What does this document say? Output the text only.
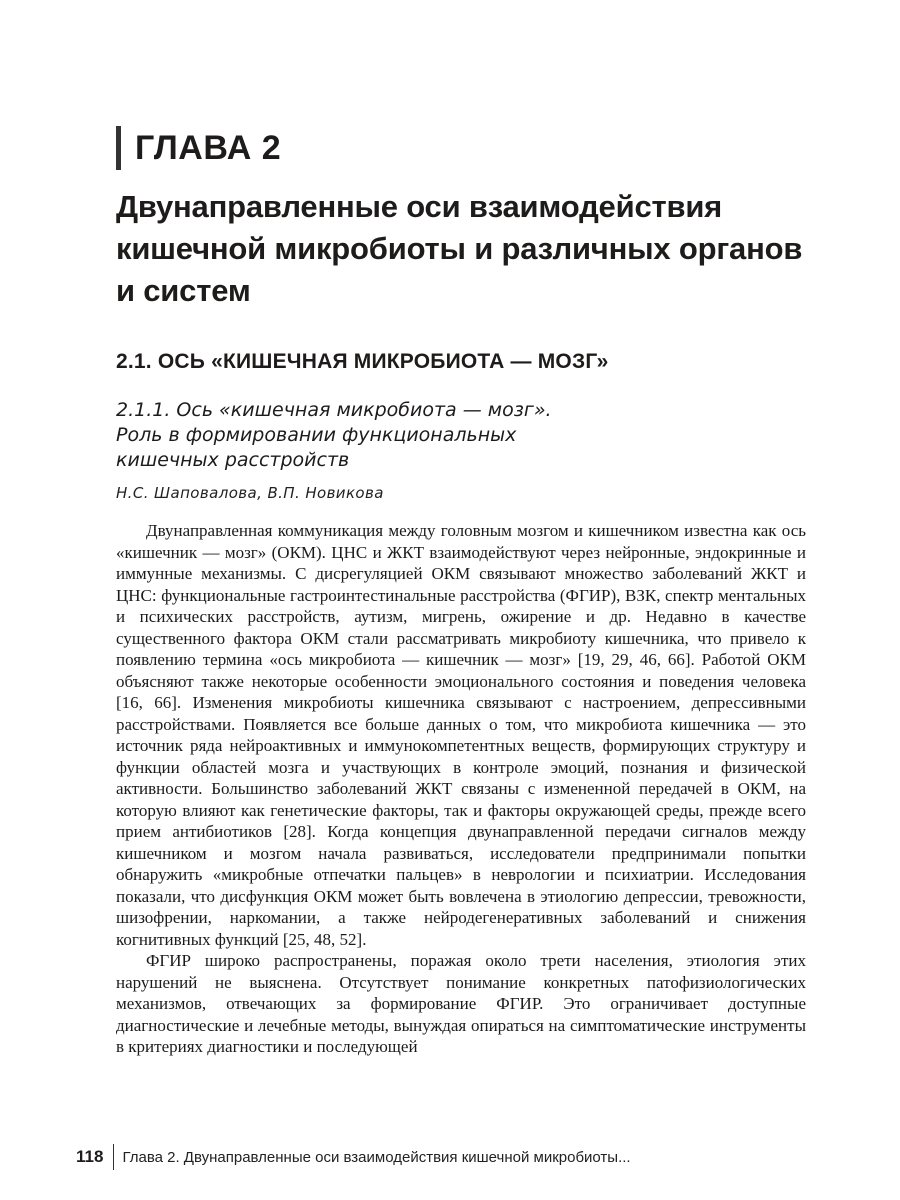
ГЛАВА 2
Двунаправленные оси взаимодействия кишечной микробиоты и различных органов и систем
2.1. ОСЬ «КИШЕЧНАЯ МИКРОБИОТА — МОЗГ»
2.1.1. Ось «кишечная микробиота — мозг».
Роль в формировании функциональных
кишечных расстройств
Н.С. Шаповалова, В.П. Новикова

Двунаправленная коммуникация между головным мозгом и кишечником известна как ось «кишечник — мозг» (ОКМ). ЦНС и ЖКТ взаимодействуют через нейронные, эндокринные и иммунные механизмы. С дисрегуляцией ОКМ связывают множество заболеваний ЖКТ и ЦНС: функциональные гастроинтестинальные расстройства (ФГИР), ВЗК, спектр ментальных и психических расстройств, аутизм, мигрень, ожирение и др. Недавно в качестве существенного фактора ОКМ стали рассматривать микробиоту кишечника, что привело к появлению термина «ось микробиота — кишечник — мозг» [19, 29, 46, 66]. Работой ОКМ объясняют также некоторые особенности эмоционального состояния и поведения человека [16, 66]. Изменения микробиоты кишечника связывают с настроением, депрессивными расстройствами. Появляется все больше данных о том, что микробиота кишечника — это источник ряда нейроактивных и иммунокомпетентных веществ, формирующих структуру и функции областей мозга и участвующих в контроле эмоций, познания и физической активности. Большинство заболеваний ЖКТ связаны с измененной передачей в ОКМ, на которую влияют как генетические факторы, так и факторы окружающей среды, прежде всего прием антибиотиков [28]. Когда концепция двунаправленной передачи сигналов между кишечником и мозгом начала развиваться, исследователи предпринимали попытки обнаружить «микробные отпечатки пальцев» в неврологии и психиатрии. Исследования показали, что дисфункция ОКМ может быть вовлечена в этиологию депрессии, тревожности, шизофрении, наркомании, а также нейродегенеративных заболеваний и снижения когнитивных функций [25, 48, 52].

ФГИР широко распространены, поражая около трети населения, этиология этих нарушений не выяснена. Отсутствует понимание конкретных патофизиологических механизмов, отвечающих за формирование ФГИР. Это ограничивает доступные диагностические и лечебные методы, вынуждая опираться на симптоматические инструменты в критериях диагностики и последующей

118 Глава 2. Двунаправленные оси взаимодействия кишечной микробиоты...
